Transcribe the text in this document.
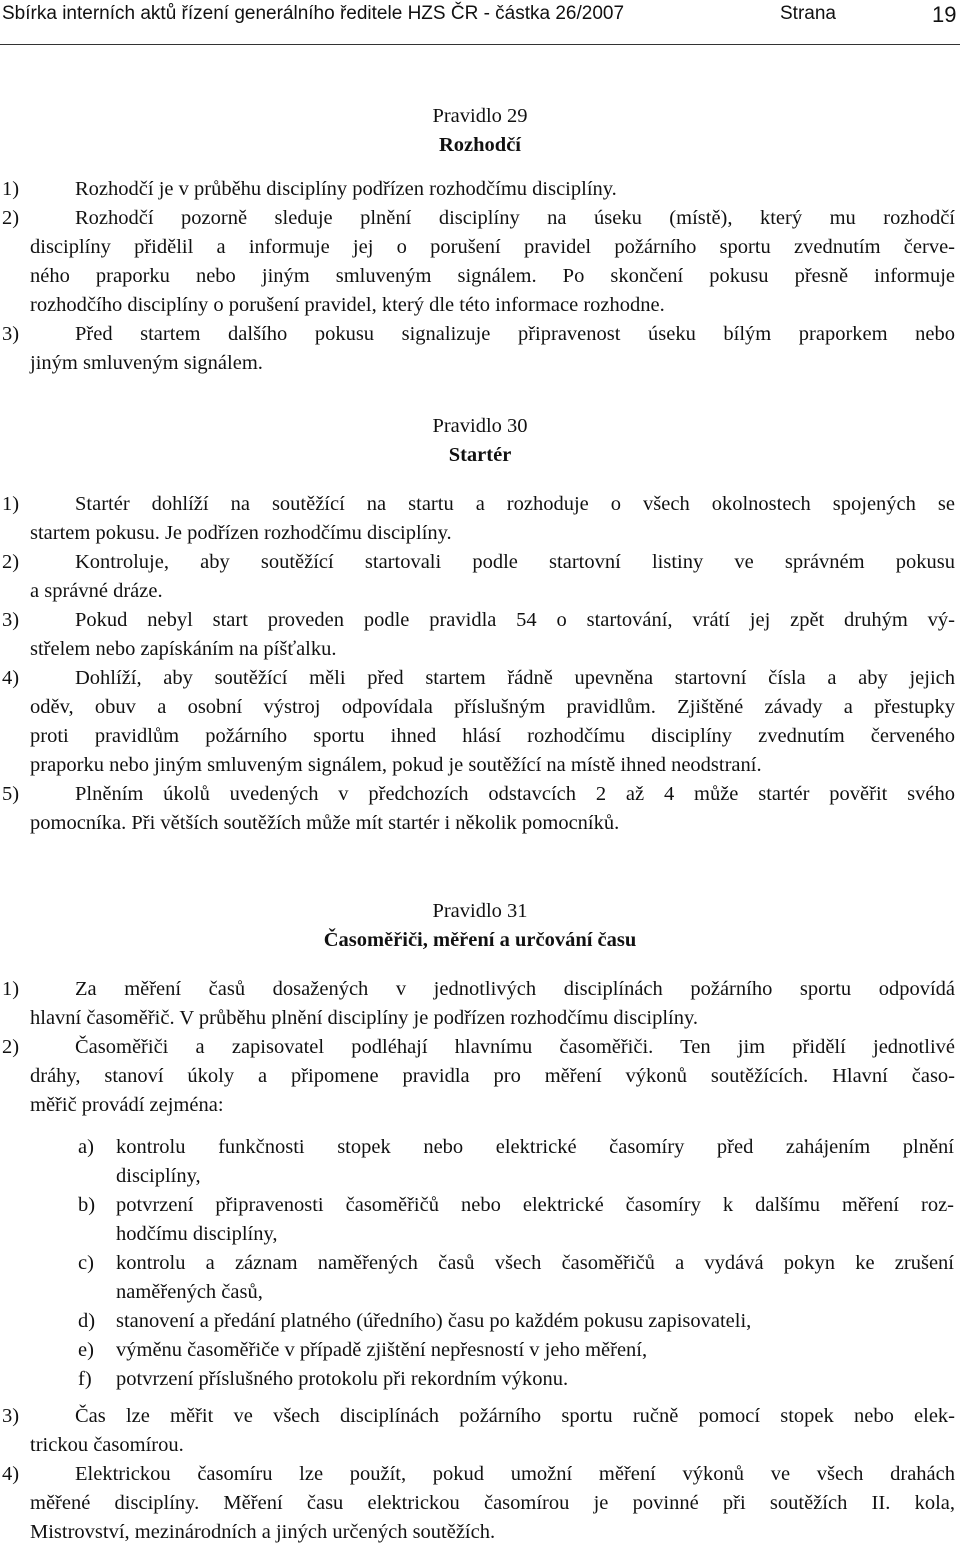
Sbírka interních aktů řízení generálního ředitele HZS ČR - částka 26/2007	Strana	19
Pravidlo 29
Rozhodčí
1)	Rozhodčí je v průběhu disciplíny podřízen rozhodčímu disciplíny.
2)	Rozhodčí pozorně sleduje plnění disciplíny na úseku (místě), který mu rozhodčí
disciplíny přidělil a informuje jej o porušení pravidel požárního sportu zvednutím červe-
ného praporku nebo jiným smluveným signálem. Po skončení pokusu přesně informuje
rozhodčího disciplíny o porušení pravidel, který dle této informace rozhodne.
3)	Před startem dalšího pokusu signalizuje připravenost úseku bílým praporkem nebo
jiným smluveným signálem.
Pravidlo 30
Startér
1)	Startér dohlíží na soutěžící na startu a rozhoduje o všech okolnostech spojených se
startem pokusu. Je podřízen rozhodčímu disciplíny.
2)	Kontroluje, aby soutěžící startovali podle startovní listiny ve správném pokusu
a správné dráze.
3)	Pokud nebyl start proveden podle pravidla 54 o startování, vrátí jej zpět druhým vý-
střelem nebo zapískáním na píšťalku.
4)	Dohlíží, aby soutěžící měli před startem řádně upevněna startovní čísla a aby jejich
oděv, obuv a osobní výstroj odpovídala příslušným pravidlům. Zjištěné závady a přestupky
proti pravidlům požárního sportu ihned hlásí rozhodčímu disciplíny zvednutím červeného
praporku nebo jiným smluveným signálem, pokud je soutěžící na místě ihned neodstraní.
5)	Plněním úkolů uvedených v předchozích odstavcích 2 až 4 může startér pověřit svého
pomocníka. Při větších soutěžích může mít startér i několik pomocníků.
Pravidlo 31
Časoměřiči, měření a určování času
1)	Za měření časů dosažených v jednotlivých disciplínách požárního sportu odpovídá
hlavní časoměřič. V průběhu plnění disciplíny je podřízen rozhodčímu disciplíny.
2)	Časoměřiči a zapisovatel podléhají hlavnímu časoměřiči. Ten jim přidělí jednotlivé
dráhy, stanoví úkoly a připomene pravidla pro měření výkonů soutěžících. Hlavní časo-
měřič provádí zejména:
a) kontrolu funkčnosti stopek nebo elektrické časomíry před zahájením plnění
disciplíny,
b) potvrzení připravenosti časoměřičů nebo elektrické časomíry k dalšímu měření roz-
hodčímu disciplíny,
c) kontrolu a záznam naměřených časů všech časoměřičů a vydává pokyn ke zrušení
naměřených časů,
d) stanovení a předání platného (úředního) času po každém pokusu zapisovateli,
e) výměnu časoměřiče v případě zjištění nepřesností v jeho měření,
f) potvrzení příslušného protokolu při rekordním výkonu.
3)	Čas lze měřit ve všech disciplínách požárního sportu ručně pomocí stopek nebo elek-
trickou časomírou.
4)	Elektrickou časomíru lze použít, pokud umožní měření výkonů ve všech drahách
měřené disciplíny. Měření času elektrickou časomírou je povinné při soutěžích II. kola,
Mistrovství, mezinárodních a jiných určených soutěžích.
